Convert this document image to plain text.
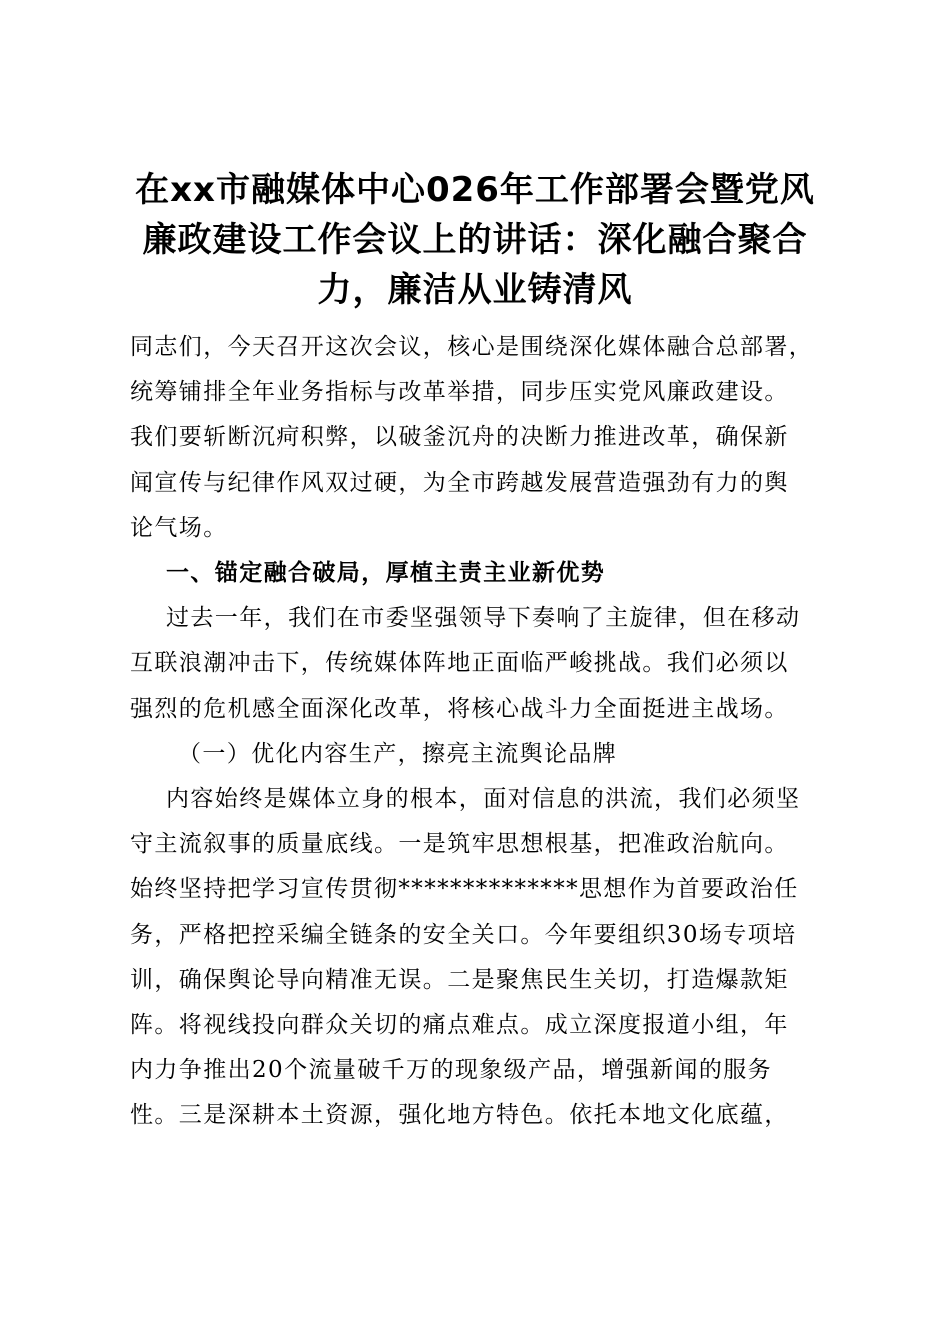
在xx市融媒体中心026年工作部署会暨党风
廉政建设工作会议上的讲话：深化融合聚合
力，廉洁从业铸清风
同志们，今天召开这次会议，核心是围绕深化媒体融合总部署，
统筹铺排全年业务指标与改革举措，同步压实党风廉政建设。
我们要斩断沉疴积弊，以破釜沉舟的决断力推进改革，确保新
闻宣传与纪律作风双过硬，为全市跨越发展营造强劲有力的舆
论气场。
一、锚定融合破局，厚植主责主业新优势
过去一年，我们在市委坚强领导下奏响了主旋律，但在移动
互联浪潮冲击下，传统媒体阵地正面临严峻挑战。我们必须以
强烈的危机感全面深化改革，将核心战斗力全面挺进主战场。
（一）优化内容生产，擦亮主流舆论品牌
内容始终是媒体立身的根本，面对信息的洪流，我们必须坚
守主流叙事的质量底线。一是筑牢思想根基，把准政治航向。
始终坚持把学习宣传贯彻**************思想作为首要政治任
务，严格把控采编全链条的安全关口。今年要组织30场专项培
训，确保舆论导向精准无误。二是聚焦民生关切，打造爆款矩
阵。将视线投向群众关切的痛点难点。成立深度报道小组，年
内力争推出20个流量破千万的现象级产品，增强新闻的服务
性。三是深耕本土资源，强化地方特色。依托本地文化底蕴，
